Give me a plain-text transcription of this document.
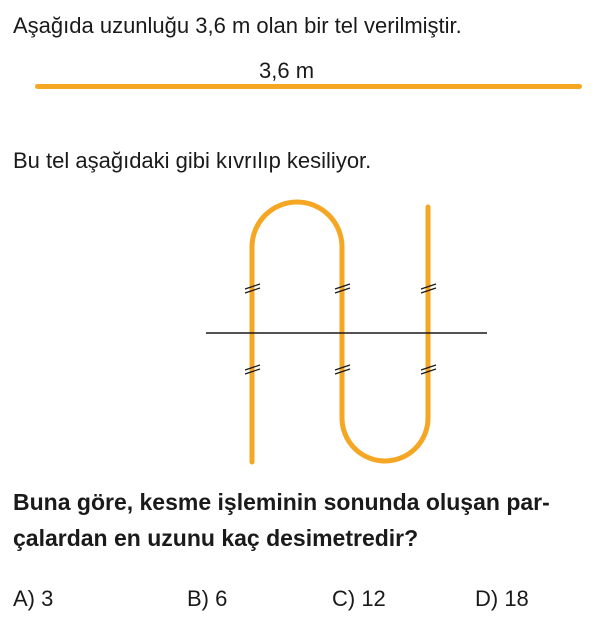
Aşağıda uzunluğu 3,6 m olan bir tel verilmiştir.
3,6 m
Bu tel aşağıdaki gibi kıvrılıp kesiliyor.
Buna göre, kesme işleminin sonunda oluşan par-
çalardan en uzunu kaç desimetredir?
A) 3	B) 6	C) 12	D) 18
